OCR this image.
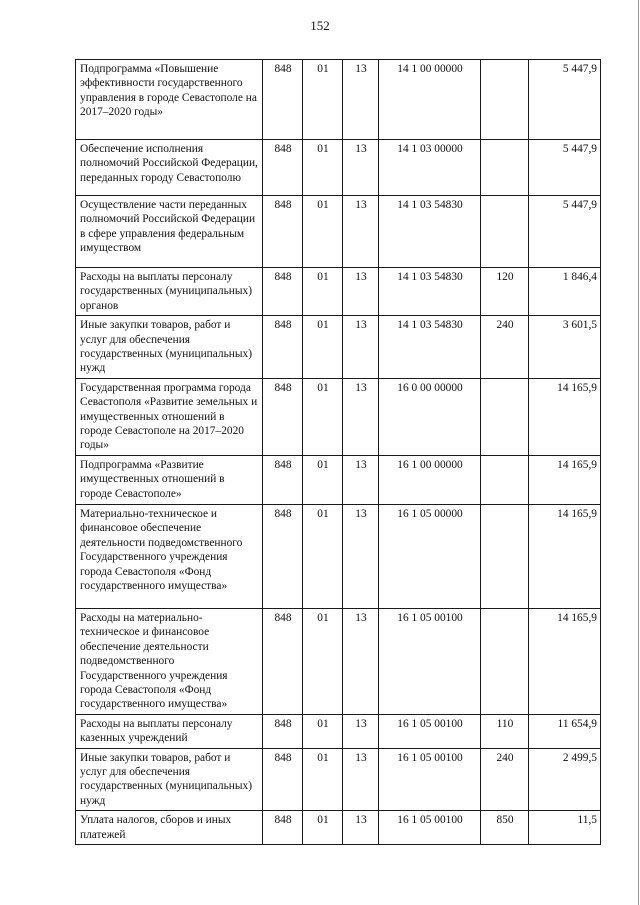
152
Подпрограмма «Повышение эффективности государственного управления в городе Севастополе на 2017–2020 годы»	848	01	13	14 1 00 00000		5 447,9
Обеспечение исполнения полномочий Российской Федерации, переданных городу Севастополю	848	01	13	14 1 03 00000		5 447,9
Осуществление части переданных полномочий Российской Федерации в сфере управления федеральным имуществом	848	01	13	14 1 03 54830		5 447,9
Расходы на выплаты персоналу государственных (муниципальных) органов	848	01	13	14 1 03 54830	120	1 846,4
Иные закупки товаров, работ и услуг для обеспечения государственных (муниципальных) нужд	848	01	13	14 1 03 54830	240	3 601,5
Государственная программа города Севастополя «Развитие земельных и имущественных отношений в городе Севастополе на 2017–2020 годы»	848	01	13	16 0 00 00000		14 165,9
Подпрограмма «Развитие имущественных отношений в городе Севастополе»	848	01	13	16 1 00 00000		14 165,9
Материально-техническое и финансовое обеспечение деятельности подведомственного Государственного учреждения города Севастополя «Фонд государственного имущества»	848	01	13	16 1 05 00000		14 165,9
Расходы на материально-техническое и финансовое обеспечение деятельности подведомственного Государственного учреждения города Севастополя «Фонд государственного имущества»	848	01	13	16 1 05 00100		14 165,9
Расходы на выплаты персоналу казенных учреждений	848	01	13	16 1 05 00100	110	11 654,9
Иные закупки товаров, работ и услуг для обеспечения государственных (муниципальных) нужд	848	01	13	16 1 05 00100	240	2 499,5
Уплата налогов, сборов и иных платежей	848	01	13	16 1 05 00100	850	11,5
